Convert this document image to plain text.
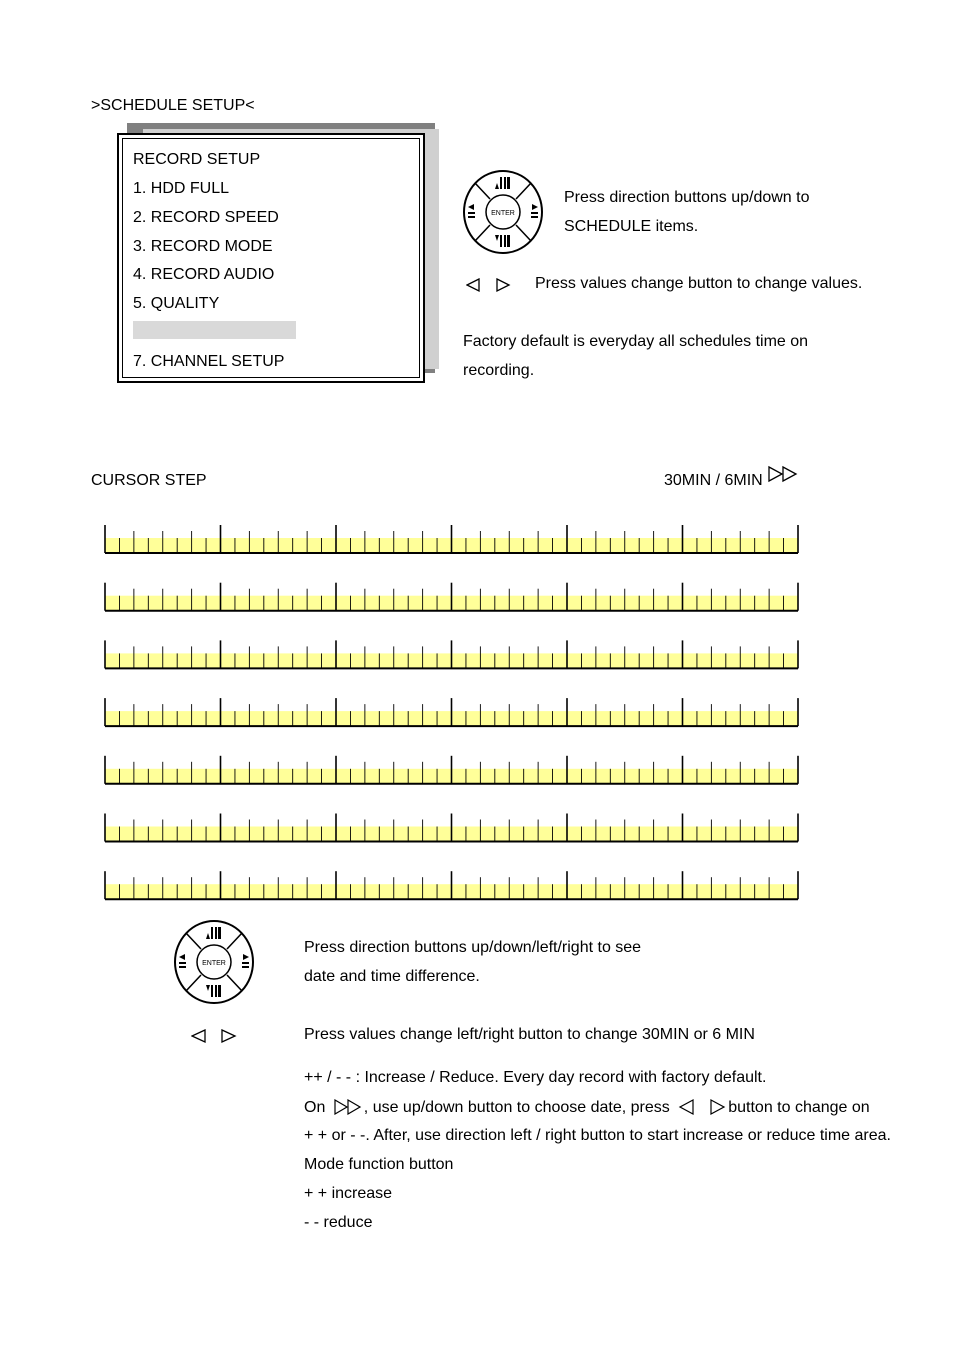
>SCHEDULE SETUP<
RECORD SETUP
1. HDD FULL
2. RECORD SPEED
3. RECORD MODE
4. RECORD AUDIO
5. QUALITY
7. CHANNEL SETUP
ENTER
Press direction buttons up/down to
SCHEDULE items.
Press values change button to change values.
Factory default is everyday all schedules time on
recording.
CURSOR STEP	30MIN / 6MIN
ENTER
Press direction buttons up/down/left/right to see
date and time difference.
Press values change left/right button to change 30MIN or 6 MIN
++ / - - : Increase / Reduce. Every day record with factory default.
On , use up/down button to choose date, press	button to change on
+ + or - -. After, use direction left / right button to start increase or reduce time area.
Mode function button
+ + increase
- - reduce
